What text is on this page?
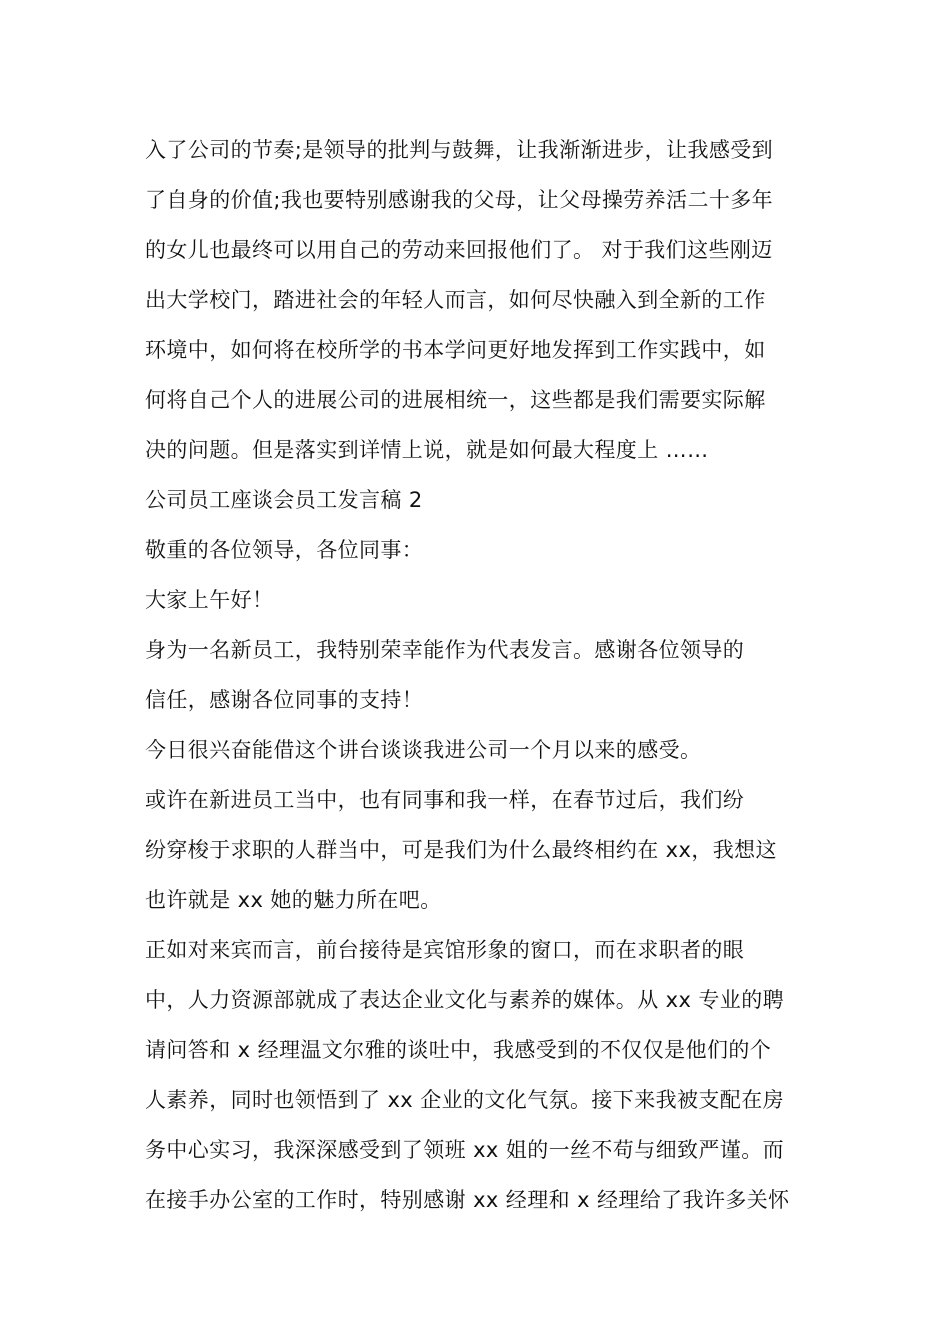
入了公司的节奏;是领导的批判与鼓舞，让我渐渐进步，让我感受到
了自身的价值;我也要特别感谢我的父母，让父母操劳养活二十多年
的女儿也最终可以用自己的劳动来回报他们了。 对于我们这些刚迈
出大学校门，踏进社会的年轻人而言，如何尽快融入到全新的工作
环境中，如何将在校所学的书本学问更好地发挥到工作实践中，如
何将自己个人的进展公司的进展相统一，这些都是我们需要实际解
决的问题。但是落实到详情上说，就是如何最大程度上 ……
公司员工座谈会员工发言稿 2
敬重的各位领导，各位同事：
大家上午好！
身为一名新员工，我特别荣幸能作为代表发言。感谢各位领导的
信任，感谢各位同事的支持！
今日很兴奋能借这个讲台谈谈我进公司一个月以来的感受。
或许在新进员工当中，也有同事和我一样，在春节过后，我们纷
纷穿梭于求职的人群当中，可是我们为什么最终相约在 xx，我想这
也许就是 xx 她的魅力所在吧。
正如对来宾而言，前台接待是宾馆形象的窗口，而在求职者的眼
中，人力资源部就成了表达企业文化与素养的媒体。从 xx 专业的聘
请问答和 x 经理温文尔雅的谈吐中，我感受到的不仅仅是他们的个
人素养，同时也领悟到了 xx 企业的文化气氛。接下来我被支配在房
务中心实习，我深深感受到了领班 xx 姐的一丝不苟与细致严谨。而
在接手办公室的工作时，特别感谢 xx 经理和 x 经理给了我许多关怀
